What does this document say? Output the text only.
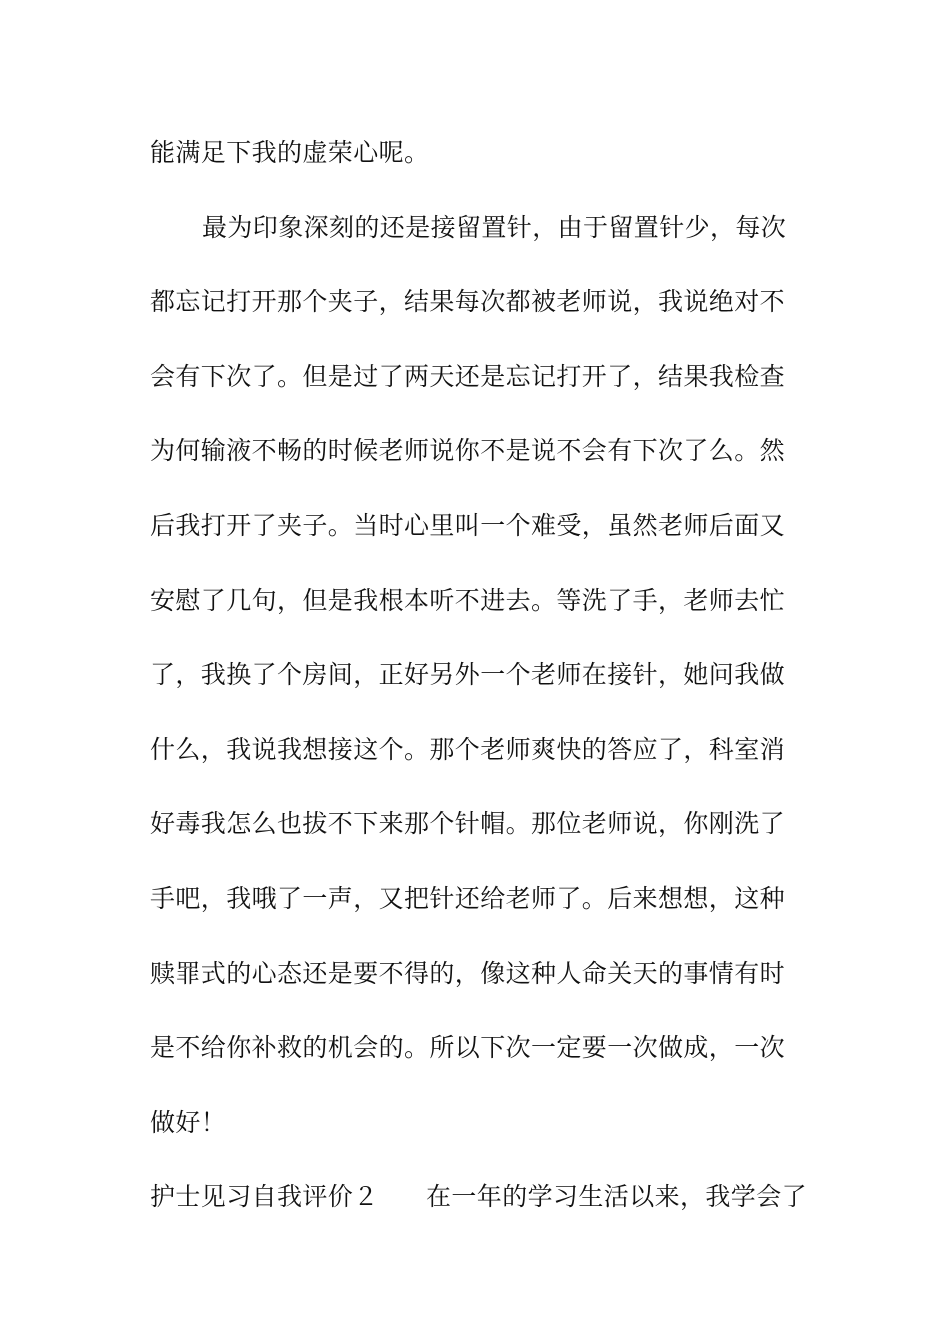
能满足下我的虚荣心呢。
最为印象深刻的还是接留置针，由于留置针少，每次
都忘记打开那个夹子，结果每次都被老师说，我说绝对不
会有下次了。但是过了两天还是忘记打开了，结果我检查
为何输液不畅的时候老师说你不是说不会有下次了么。然
后我打开了夹子。当时心里叫一个难受，虽然老师后面又
安慰了几句，但是我根本听不进去。等洗了手，老师去忙
了，我换了个房间，正好另外一个老师在接针，她问我做
什么，我说我想接这个。那个老师爽快的答应了，科室消
好毒我怎么也拔不下来那个针帽。那位老师说，你刚洗了
手吧，我哦了一声，又把针还给老师了。后来想想，这种
赎罪式的心态还是要不得的，像这种人命关天的事情有时
是不给你补救的机会的。所以下次一定要一次做成，一次
做好！
护士见习自我评价２ 在一年的学习生活以来，我学会了
